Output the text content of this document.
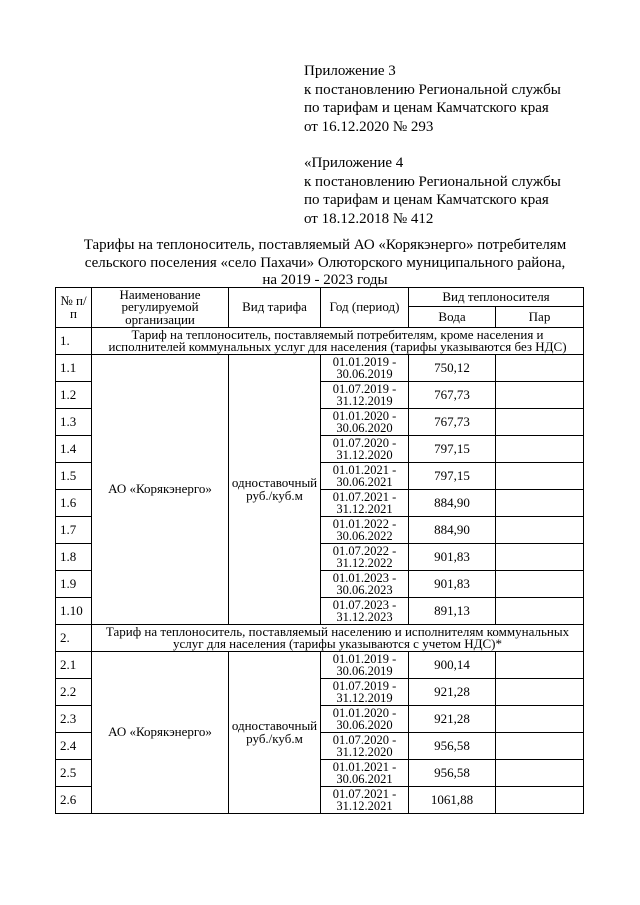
Приложение 3
к постановлению Региональной службы
по тарифам и ценам Камчатского края
от 16.12.2020 № 293
«Приложение 4
к постановлению Региональной службы
по тарифам и ценам Камчатского края
от 18.12.2018 № 412
Тарифы на теплоноситель, поставляемый АО «Корякэнерго» потребителям
сельского поселения «село Пахачи» Олюторского муниципального района,
на 2019 - 2023 годы
№ п/п	Наименование регулируемой организации	Вид тарифа	Год (период)	Вид теплоносителя	
				Вода	Пар
1.	Тариф на теплоноситель, поставляемый потребителям, кроме населения и исполнителей коммунальных услуг для населения (тарифы указываются без НДС)				
1.1	АО «Корякэнерго»	одноставочный руб./куб.м	01.01.2019 - 30.06.2019	750,12	
1.2			01.07.2019 - 31.12.2019	767,73	
1.3			01.01.2020 - 30.06.2020	767,73	
1.4			01.07.2020 - 31.12.2020	797,15	
1.5			01.01.2021 - 30.06.2021	797,15	
1.6			01.07.2021 - 31.12.2021	884,90	
1.7			01.01.2022 - 30.06.2022	884,90	
1.8			01.07.2022 - 31.12.2022	901,83	
1.9			01.01.2023 - 30.06.2023	901,83	
1.10			01.07.2023 - 31.12.2023	891,13	
2.	Тариф на теплоноситель, поставляемый населению и исполнителям коммунальных услуг для населения (тарифы указываются с учетом НДС)*				
2.1	АО «Корякэнерго»	одноставочный руб./куб.м	01.01.2019 - 30.06.2019	900,14	
2.2			01.07.2019 - 31.12.2019	921,28	
2.3			01.01.2020 - 30.06.2020	921,28	
2.4			01.07.2020 - 31.12.2020	956,58	
2.5			01.01.2021 - 30.06.2021	956,58	
2.6			01.07.2021 - 31.12.2021	1061,88	
